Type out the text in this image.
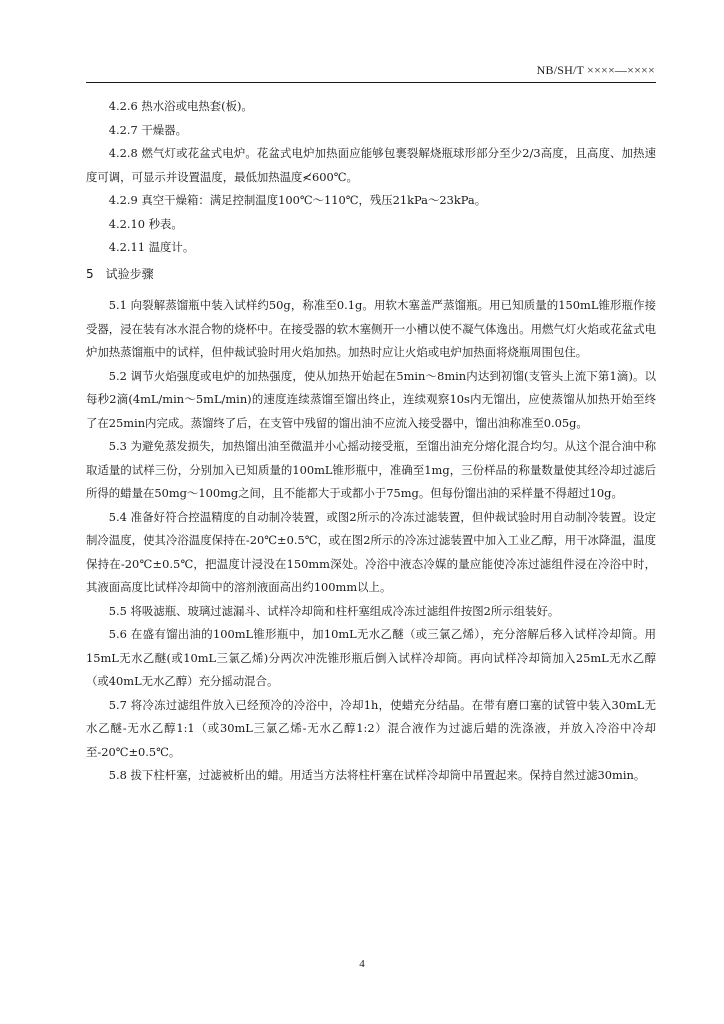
NB/SH/T ××××—××××

4.2.6 热水浴或电热套(板)。

4.2.7 干燥器。

4.2.8 燃气灯或花盆式电炉。花盆式电炉加热面应能够包裹裂解烧瓶球形部分至少2/3高度，且高度、加热速度可调，可显示并设置温度，最低加热温度≮600℃。

4.2.9 真空干燥箱：满足控制温度100℃～110℃，残压21kPa～23kPa。

4.2.10 秒表。

4.2.11 温度计。

5　试验步骤

5.1 向裂解蒸馏瓶中装入试样约50g，称准至0.1g。用软木塞盖严蒸馏瓶。用已知质量的150mL锥形瓶作接受器，浸在装有冰水混合物的烧杯中。在接受器的软木塞侧开一小槽以使不凝气体逸出。用燃气灯火焰或花盆式电炉加热蒸馏瓶中的试样，但仲裁试验时用火焰加热。加热时应让火焰或电炉加热面将烧瓶周围包住。

5.2 调节火焰强度或电炉的加热强度，使从加热开始起在5min～8min内达到初馏(支管头上流下第1滴)。以每秒2滴(4mL/min～5mL/min)的速度连续蒸馏至馏出终止，连续观察10s内无馏出，应使蒸馏从加热开始至终了在25min内完成。蒸馏终了后，在支管中残留的馏出油不应流入接受器中，馏出油称准至0.05g。

5.3 为避免蒸发损失，加热馏出油至微温并小心摇动接受瓶，至馏出油充分熔化混合均匀。从这个混合油中称取适量的试样三份，分别加入已知质量的100mL锥形瓶中，准确至1mg，三份样品的称量数量使其经冷却过滤后所得的蜡量在50mg～100mg之间，且不能都大于或都小于75mg。但每份馏出油的采样量不得超过10g。

5.4 准备好符合控温精度的自动制冷装置，或图2所示的冷冻过滤装置，但仲裁试验时用自动制冷装置。设定制冷温度，使其冷浴温度保持在-20℃±0.5℃，或在图2所示的冷冻过滤装置中加入工业乙醇，用干冰降温，温度保持在-20℃±0.5℃，把温度计浸没在150mm深处。冷浴中液态冷媒的量应能使冷冻过滤组件浸在冷浴中时，其液面高度比试样冷却筒中的溶剂液面高出约100mm以上。

5.5 将吸滤瓶、玻璃过滤漏斗、试样冷却筒和柱杆塞组成冷冻过滤组件按图2所示组装好。

5.6 在盛有馏出油的100mL锥形瓶中，加10mL无水乙醚（或三氯乙烯），充分溶解后移入试样冷却筒。用15mL无水乙醚(或10mL三氯乙烯)分两次冲洗锥形瓶后倒入试样冷却筒。再向试样冷却筒加入25mL无水乙醇（或40mL无水乙醇）充分摇动混合。

5.7 将冷冻过滤组件放入已经预冷的冷浴中，冷却1h，使蜡充分结晶。在带有磨口塞的试管中装入30mL无水乙醚-无水乙醇1:1（或30mL三氯乙烯-无水乙醇1:2）混合液作为过滤后蜡的洗涤液，并放入冷浴中冷却至-20℃±0.5℃。

5.8 拔下柱杆塞，过滤被析出的蜡。用适当方法将柱杆塞在试样冷却筒中吊置起来。保持自然过滤30min。

4
